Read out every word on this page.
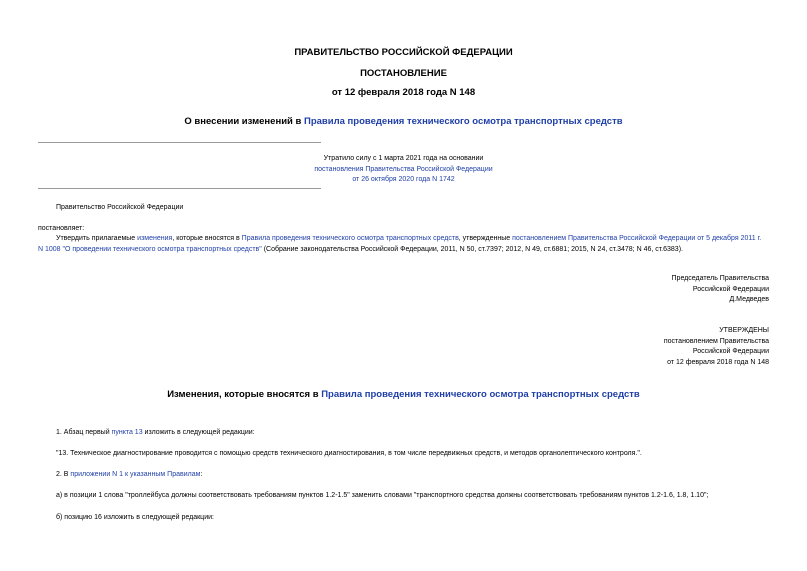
ПРАВИТЕЛЬСТВО РОССИЙСКОЙ ФЕДЕРАЦИИ
ПОСТАНОВЛЕНИЕ
от 12 февраля 2018 года N 148
О внесении изменений в Правила проведения технического осмотра транспортных средств
Утратило силу с 1 марта 2021 года на основании
постановления Правительства Российской Федерации
от 26 октября 2020 года N 1742
Правительство Российской Федерации
постановляет:
Утвердить прилагаемые изменения, которые вносятся в Правила проведения технического осмотра транспортных средств, утвержденные постановлением Правительства Российской Федерации от 5 декабря 2011 г. N 1008 "О проведении технического осмотра транспортных средств" (Собрание законодательства Российской Федерации, 2011, N 50, ст.7397; 2012, N 49, ст.6881; 2015, N 24, ст.3478; N 46, ст.6383).
Председатель Правительства
Российской Федерации
Д.Медведев
УТВЕРЖДЕНЫ
постановлением Правительства
Российской Федерации
от 12 февраля 2018 года N 148
Изменения, которые вносятся в Правила проведения технического осмотра транспортных средств
1. Абзац первый пункта 13 изложить в следующей редакции:
"13. Техническое диагностирование проводится с помощью средств технического диагностирования, в том числе передвижных средств, и методов органолептического контроля.".
2. В приложении N 1 к указанным Правилам:
а) в позиции 1 слова "троллейбуса должны соответствовать требованиям пунктов 1.2-1.5" заменить словами "транспортного средства должны соответствовать требованиям пунктов 1.2-1.6, 1.8, 1.10";
б) позицию 16 изложить в следующей редакции:
